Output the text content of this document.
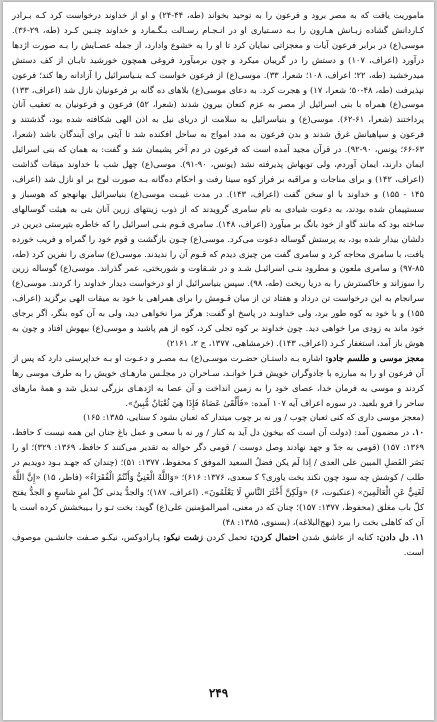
ماموریت یافت که به مصر برود و فرعون را به توحید بخواند (طه، ۴۴-۲۴) و او از خداوند درخواست کرد کـه بـرادر کـاردانش گشاده زبـانش هـارون را بـه دسـتیاری او در انـجـام رسـالت بـگـمارد و خداوند چنـین کـرد (طه، ۲۹-۳۶). موسی(ع) در برابر فرعون آیات و معجزاتی نمایان کرد تا او را به خشوع وادارد، از جمله عصـایش را بـه صورت اژدها درآورد (اعراف، ۱۰۷) و دستش را در گریبان میکرد و چون برمیآورد فروغی همچون خورشید تابـان از کف دستش میدرخشید (طه، ۲۲؛ اعراف، ۱۰۸؛ شعرا، ۳۳). موسی(ع) از فرعون خواست کـه بنـیاسرائیل را آزادانه رها کند؛ فرعون نپذیرفت (طه، ۴۸-۵۰؛ شعرا، ۱۷) و هجرت کرد. به دعای موسی(ع) بلاهای ده گانه بر فرعونیان نازل شد (اعراف، ۱۳۳) موسی(ع) همراه با بنی اسرائیل از مصر به عزم کنعان بیرون شدند (شعرا، ۵۲) فرعون و فرعونیان به تعقیب آنان پرداختند (شعرا، ۶۱-۶۲). موسی(ع) و بنیاسرائیل به سلامت از دریای نیل به اذن الهی شکافته شده بود، گذشتند و فرعون و سپاهیانش غرق شدند و بدن فرعون به مدد امواج به ساحل افکنده شد تا آیتی برای آیندگان باشد (شعرا، ۶۳-۶۶؛ یونس، ۹۰-۹۲). در قرآن مجید آمده است که فرعون در دم آخر پشیمان شد و گفت: به همان که بنی اسرائیل ایمان دارند، ایمان آوردم، ولی توبهاش پذیرفته نشد (یونس، ۹۰-۹۱). موسی(ع) چهل شب با خداوند میقات گذاشت (اعراف، ۱۴۲) و برای مناجات و مراقبه بر فراز کوه سینا رفت و احکام ده‌گانه بـه صورت لوح بر او نازل شد (اعراف، ۱۴۵ - ۱۵۵) و خداوند با او سخن گفت (اعراف، ۱۴۳). در مدت غیبـت موسی(ع) بنیاسرائیل بهانهجو که هوسباز و سستپیمان شده بودند، به دعوت شیادی به نام سامری گرویدند که از ذوب زینتهای زرین آنان بتی به هیئت گوسالهای ساخته بود که مانند گاو از خود بانگ بر میآورد (اعراف، ۱۴۸). سامری قـوم بنـی اسرائیل را که خاطره بتپرستی دیرین در دلشان بیدار شده بود، به پرستش گوساله دعوت می‌کرد. موسی(ع) چـون بازگشت و قوم خود را گمراه و فریب خورده یافت، با سامری محاجه کرد و سامری گفت من چیزی دیدم که قـوم آن را ندیدند. موسی(ع) سامری را نفرین کرد (طه، ۸۵-۹۷) و سامری ملعون و مطرود بنـی اسرائیـل شـد و در شـقاوت و شوربختی، عمر گذراند. موسی(ع) گوساله زرین را سوزاند و خاکسترش را به دریا ریخت (طه، ۹۸). سپس بنیاسرائیل از او درخواست دیدار خداوند را کردند. موسی(ع) سرانجام به این درخواست تن درداد و هفتاد تن از میان قـومش را برای همراهی با خود به میقات الهی برگزید (اعراف، ۱۵۵) و با خود به کوه طور برد، ولی خداونـد در پاسخ او گفت: هرگز مرا نخواهی دید، ولی به آن کوه بنگر، اگر برجای خود ماند به زودی مرا خواهی دید. چون خداوند بر کوه تجلی کرد، کوه از هم پاشید و موسی(ع) بیهوش افتاد و چون به هوش باز آمد، استغفار کـرد (اعراف، ۱۴۳). (خرمشاهی، ۱۳۷۷، ج ۲، ۲۱۶۱)

معجز موسی و طلسم جادو: اشاره بـه داستـان حضـرت موسـی(ع) بـه مصـر و دعـوت او بـه خداپرستی دارد که پس از آن فرعون او را به مبارزه با جادوگران خویش فـرا خوانـد، سـاحران در مجلـس مارهـای خویش را به طرف موسی رها کردند و موسی به فرمان خدا، عصای خود را به زمین انداخت و آن عصا به اژدهـای بزرگی تبدیل شد و همهٔ مارهای ساحر را فرو بلعید. در سوره اعراف آیه ۱۰۷ آمده: «فَأَلْقَىٰ عَصَاهُ فَإِذَا هِيَ ثُعْبَانٌ مُّبِينٌ».

(معجز موسی داری که کنی ثعبان چوب / ور نه بر چوب میتدار که ثعبان بشود ﮐ سنایی، ۱۳۸۵: ۱۶۵)

۱۰. در مضمون آمد: (دولت آن است که بیخون دل آید به کنار / ور نه با سعی و عمل باغ جنان این همه نیست ﮐ حافظ، ۱۳۶۹: ۱۵۷) (قومی به جدّ و جهد نهادند وصل دوست / قومی دگر حواله به تقدیر می‌کنند ﮐ حافظ، ۱۳۶۹: ۳۲۹)؛ او را بَصَر الفَضلِ المبین علی العدی / اِذا لَم یکن فضلُ السعید الموفق ﮐ محفوظ، ۱۳۷۷: ۵۱)؛ (چندان که جهـد بـود دویدیم در طلب / کوشش چه سود چون نکند بخت یاوری؟ ﮐ سعدی، ۱۳۷۶: ۶۱۶)؛ «وَاللَّهُ الْغَنِيُّ وَأَنْتُمُ الْفُقَرَاءُ» (فاطر، ۱۵) «إِنَّ اللَّهَ لَغَنِيٌّ عَنِ الْعَالَمِينَ» (عنکبوت، ۶) «وَلَكِنَّ أَخْثَرَ النَّاسِ لَا يَعْلَمُونَ». (اعراف، ۱۸۷)؛ والجدُّ یدنی کلّ امرٍ شاسعٍ و الجدُّ یفتح کلّ باب مغلق (محفوظ، ۱۳۷۷: ۱۵۷)؛ چنان که در معنی، امیرالمؤمنین علی(ع) گوید: بخت تـو را بـیبخشش کرده است یا آن که کاهلی بخت را ببرد (نهج‌البلاغه)، (بسنوی، ۱۳۸۵: ۴۸)

۱۱. دل دادن: کنایه از عاشق شدن احتمال کردن: تحمل کردن زشت نیکو: پـارادوکس، نیکـو صـفت جانشـین موصوف است.

۲۴۹
